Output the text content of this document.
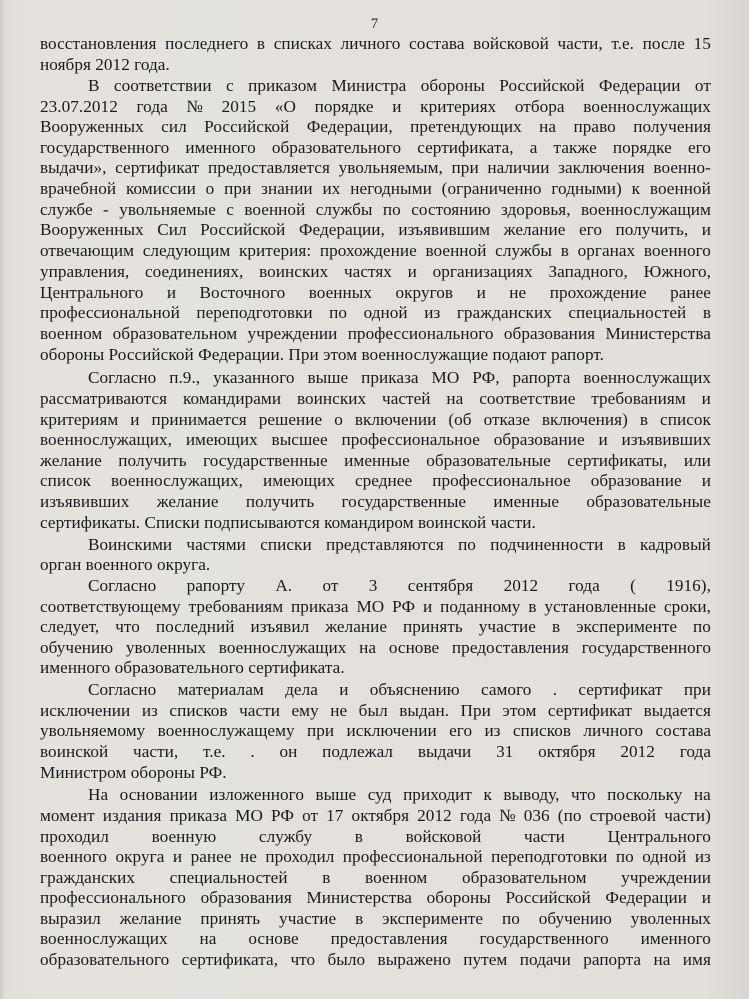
7
восстановления последнего в списках личного состава войсковой части, т.е. после 15
ноября 2012 года.
В соответствии с приказом Министра обороны Российской Федерации от
23.07.2012 года № 2015 «О порядке и критериях отбора военнослужащих
Вооруженных сил Российской Федерации, претендующих на право получения
государственного именного образовательного сертификата, а также порядке его
выдачи», сертификат предоставляется увольняемым, при наличии заключения военно-
врачебной комиссии о при знании их негодными (ограниченно годными) к военной
службе - увольняемые с военной службы по состоянию здоровья, военнослужащим
Вооруженных Сил Российской Федерации, изъявившим желание его получить, и
отвечающим следующим критерия: прохождение военной службы в органах военного
управления, соединениях, воинских частях и организациях Западного, Южного,
Центрального и Восточного военных округов и не прохождение ранее
профессиональной переподготовки по одной из гражданских специальностей в
военном образовательном учреждении профессионального образования Министерства
обороны Российской Федерации. При этом военнослужащие подают рапорт.
Согласно п.9., указанного выше приказа МО РФ, рапорта военнослужащих
рассматриваются командирами воинских частей на соответствие требованиям и
критериям и принимается решение о включении (об отказе включения) в список
военнослужащих, имеющих высшее профессиональное образование и изъявивших
желание получить государственные именные образовательные сертификаты, или
список военнослужащих, имеющих среднее профессиональное образование и
изъявивших желание получить государственные именные образовательные
сертификаты. Списки подписываются командиром воинской части.
Воинскими частями списки представляются по подчиненности в кадровый
орган военного округа.
Согласно рапорту А. от 3 сентября 2012 года ( 1916),
соответствующему требованиям приказа МО РФ и поданному в установленные сроки,
следует, что последний изъявил желание принять участие в эксперименте по
обучению уволенных военнослужащих на основе предоставления государственного
именного образовательного сертификата.
Согласно материалам дела и объяснению самого . сертификат при
исключении из списков части ему не был выдан. При этом сертификат выдается
увольняемому военнослужащему при исключении его из списков личного состава
воинской части, т.е. . он подлежал выдачи 31 октября 2012 года
Министром обороны РФ.
На основании изложенного выше суд приходит к выводу, что поскольку на
момент издания приказа МО РФ от 17 октября 2012 года № 036 (по строевой части)
проходил военную службу в войсковой части Центрального
военного округа и ранее не проходил профессиональной переподготовки по одной из
гражданских специальностей в военном образовательном учреждении
профессионального образования Министерства обороны Российской Федерации и
выразил желание принять участие в эксперименте по обучению уволенных
военнослужащих на основе предоставления государственного именного
образовательного сертификата, что было выражено путем подачи рапорта на имя
